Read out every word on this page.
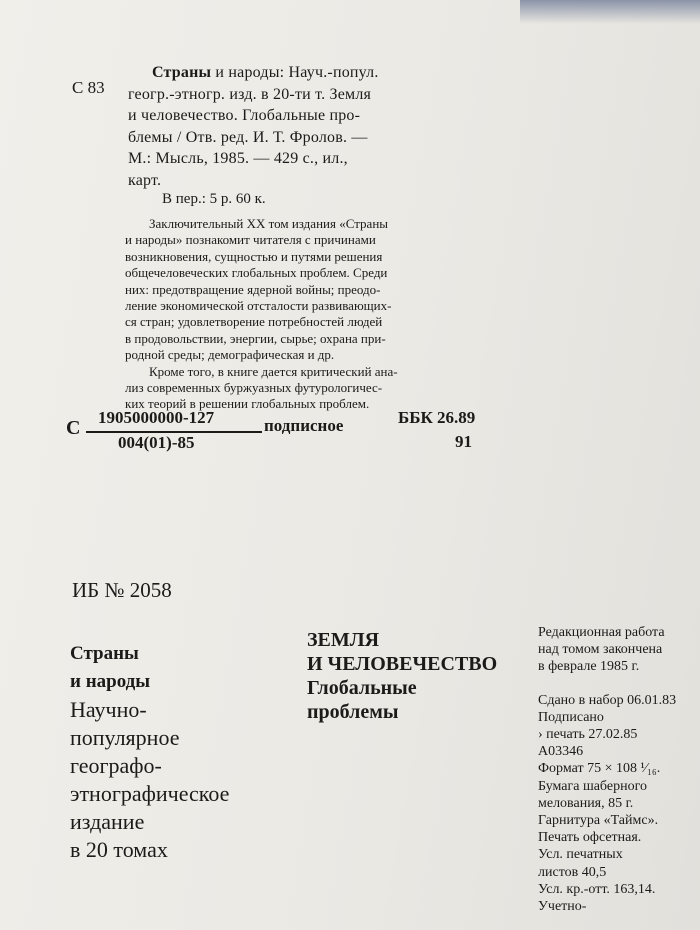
С 83
Страны и народы: Науч.-попул.
геогр.-этногр. изд. в 20-ти т. Земля
и человечество. Глобальные про-
блемы / Отв. ред. И. Т. Фролов. —
М.: Мысль, 1985. — 429 с., ил.,
карт.
В пер.: 5 р. 60 к.
Заключительный XX том издания «Страны
и народы» познакомит читателя с причинами
возникновения, сущностью и путями решения
общечеловеческих глобальных проблем. Среди
них: предотвращение ядерной войны; преодо-
ление экономической отсталости развивающих-
ся стран; удовлетворение потребностей людей
в продовольствии, энергии, сырье; охрана при-
родной среды; демографическая и др.
Кроме того, в книге дается критический ана-
лиз современных буржуазных футурологичес-
ких теорий в решении глобальных проблем.
С 1905000000-127
004(01)-85
подписное	ББК 26.89
91
ИБ № 2058
Страны
и народы
Научно-
популярное
географо-
этнографическое
издание
в 20 томах
ЗЕМЛЯ
И ЧЕЛОВЕЧЕСТВО
Глобальные
проблемы
Редакционная работа
над томом закончена
в феврале 1985 г.
Сдано в набор 06.01.83
Подписано
› печать 27.02.85
А03346
Формат 75 × 108 ¹⁄₁₆.
Бумага шаберного
мелования, 85 г.
Гарнитура «Таймс».
Печать офсетная.
Усл. печатных
листов 40,5
Усл. кр.-отт. 163,14.
Учетно-
